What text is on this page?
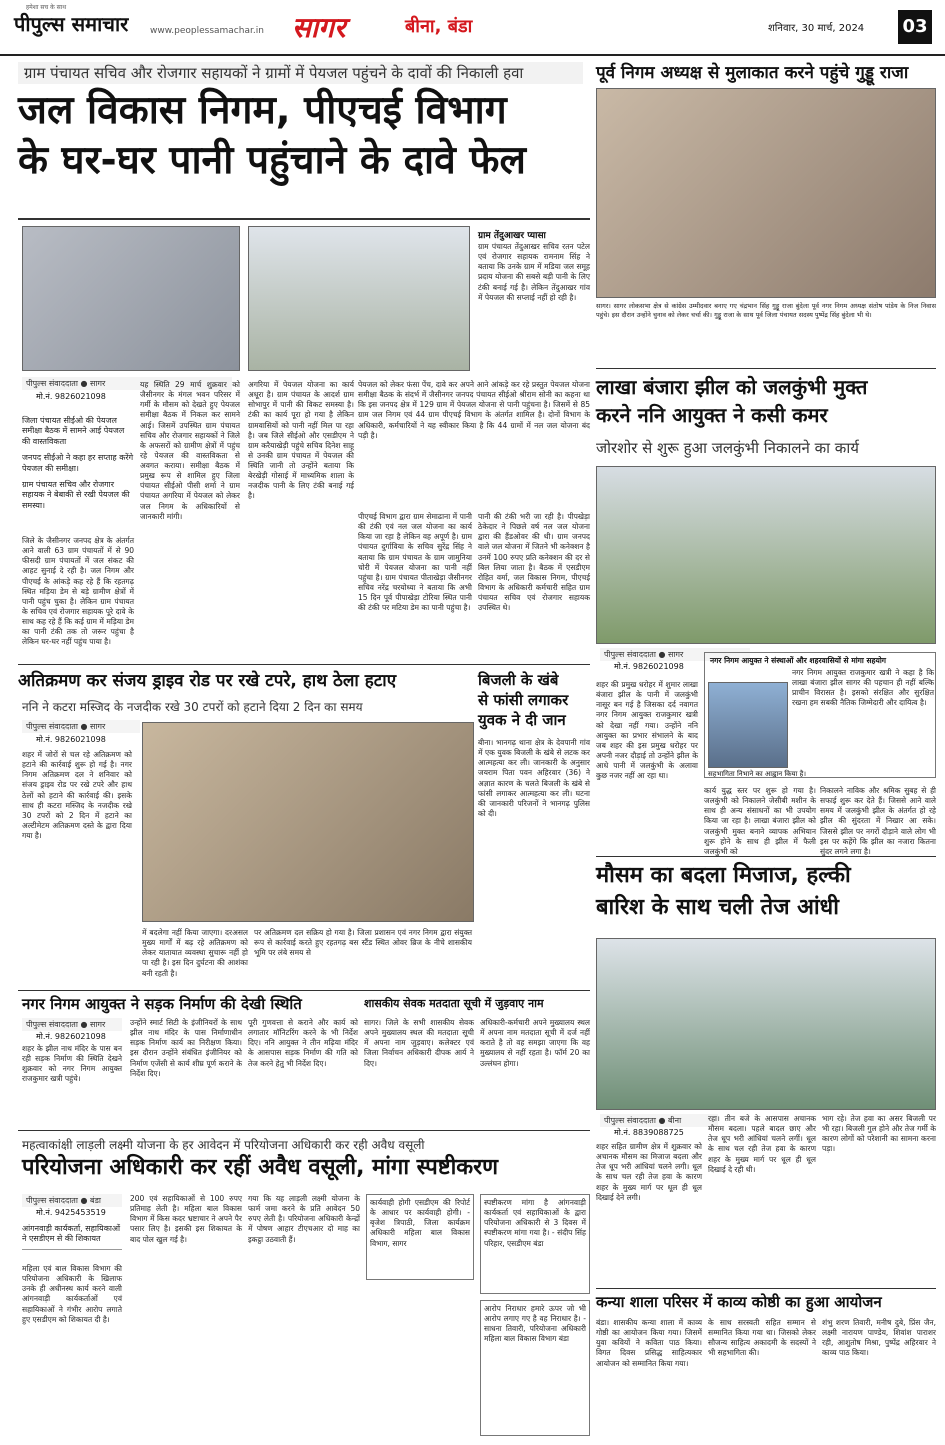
हमेशा सच के साथ
पीपुल्स समाचार www.peoplessamachar.in सागर	बीना, बंडा	शनिवार, 30 मार्च, 2024 03
ग्राम पंचायत सचिव और रोजगार सहायकों ने ग्रामों में पेयजल पहुंचने के दावों की निकाली हवा
जल विकास निगम, पीएचई विभाग
के घर-घर पानी पहुंचाने के दावे फेल
ग्राम तेंदुआखर प्यासा
ग्राम पंचायत तेंदुआखर सचिव रतन पटेल एवं रोजगार सहायक रामनाम सिंह ने बताया कि उनके ग्राम में मडिया जल समूह प्रदाय योजना की सबसे बड़ी पानी के लिए टंकी बनाई गई है। लेकिन तेंदुआखर गांव में पेयजल की सप्लाई नहीं हो रही है।
पीपुल्स संवाददाता ● सागर
मो.नं. 9826021098
जिला पंचायत सीईओ की पेयजल समीक्षा बैठक में सामने आई पेयजल की वास्तविकता
जनपद सीईओ ने कहा हर सप्ताह करेंगे पेयजल की समीक्षा।
ग्राम पंचायत सचिव और रोजगार सहायक ने बेबाकी से रखी पेयजल की समस्या।
जिले के जैसीनगर जनपद क्षेत्र के अंतर्गत आने वाली 63 ग्राम पंचायतों में से 90 फीसदी ग्राम पंचायतों में जल संकट की आहट सुनाई दे रही है। जल निगम और पीएचई के आंकड़े कह रहे हैं कि रहतगढ़ स्थित मड़िया डेम से बड़े ग्रामीण क्षेत्रों में पानी पहुंच चुका है। लेकिन ग्राम पंचायत के सचिव एवं रोजगार सहायक पूरे दावे के साथ कह रहे हैं कि कई ग्राम में मड़िया डेम का पानी टंकी तक तो जरूर पहुंचा है लेकिन घर-घर नहीं पहुंच पाया है।
यह स्थिति 29 मार्च शुक्रवार को जैसीनगर के मंगल भवन परिसर में गर्मी के मौसम को देखते हुए पेयजल समीक्षा बैठक में निकल कर सामने आई। जिसमें उपस्थित ग्राम पंचायत सचिव और रोजगार सहायकों ने जिले के अफसरों को ग्रामीण क्षेत्रों में पहुंच रहे पेयजल की वास्तविकता से अवगत कराया। समीक्षा बैठक में प्रमुख रूप से शामिल हुए जिला पंचायत सीईओ पीसी शर्मा ने ग्राम पंचायत अगरिया में पेयजल को लेकर जल निगम के अधिकारियों से जानकारी मांगी।
अगरिया में पेयजल योजना का कार्य अधूरा है। ग्राम पंचायत के आदर्श ग्राम सोभापुर में पानी की विकट समस्या है। टंकी का कार्य पूरा हो गया है लेकिन ग्रामवासियों को पानी नहीं मिल पा रहा है। जब जिले सीईओ और एसडीएम ने ग्राम करैयाखेड़ी पहुंचे सचिव दिनेश साहू से उनकी ग्राम पंचायत में पेयजल की स्थिति जानी तो उन्होंने बताया कि बेरखेड़ी गोसाई में माध्यमिक शाला के नजदीक पानी के लिए टंकी बनाई गई है।
पेयजल को लेकर फंसा पेंच, दावे कर अपने आने आंकड़े कर रहे प्रस्तुत पेयजल योजना समीक्षा बैठक के संदर्भ में जैसीनगर जनपद पंचायत सीईओ श्रीराम सोनी का कहना था कि इस जनपद क्षेत्र में 129 ग्राम में पेयजल योजना से पानी पहुंचना है। जिसमें से 85 ग्राम जल निगम एवं 44 ग्राम पीएचई विभाग के अंतर्गत शामिल है। दोनों विभाग के अधिकारी, कर्मचारियों ने यह स्वीकार किया है कि 44 ग्रामों में नल जल योजना बंद पड़ी है।
पीएचई विभाग द्वारा ग्राम सेमाढाना में पानी की टंकी एवं नल जल योजना का कार्य किया जा रहा है लेकिन वह अपूर्ण है। ग्राम पंचायत दुर्गाविया के सचिव सुरेंद्र सिंह ने बताया कि ग्राम पंचायत के ग्राम जामुनिया चोरी में पेयजल योजना का पानी नहीं पहुंचा है। ग्राम पंचायत पीताखेड़ा जैसीनगर सचिव नरेंद्र चरयोध्या ने बताया कि अभी 15 दिन पूर्व पीपाखेड़ा टोरिया स्थित पानी की टंकी पर मटिया डेम का पानी पहुंचा है।
पानी की टंकी भरी जा रही है। पीपखेड़ा ठेकेदार ने पिछले वर्ष नल जल योजना द्वारा की हैंडओवर की थी। ग्राम जनपद वाले जल योजना में जितने भी कनेक्शन है उनमें 100 रुपए प्रति कनेक्शन की दर से बिल लिया जाता है। बैठक में एसडीएम रोहित वर्मा, जल विकास निगम, पीएचई विभाग के अधिकारी कर्मचारी सहित ग्राम पंचायत सचिव एवं रोजगार सहायक उपस्थित थे।
पूर्व निगम अध्यक्ष से मुलाकात करने पहुंचे गुड्डू राजा
सागर। सागर लोकसभा क्षेत्र से कांग्रेस उम्मीदवार बनाए गए चंद्रभान सिंह गुड्डू राजा बुंदेला पूर्व नगर निगम अध्यक्ष संतोष पांडेय के निज निवास पहुंचे। इस दौरान उन्होंने चुनाव को लेकर चर्चा की। गुड्डू राजा के साथ पूर्व जिला पंचायत सदस्य पुष्पेंद्र सिंह बुंदेला भी थे।
लाखा बंजारा झील को जलकुंभी मुक्त
करने ननि आयुक्त ने कसी कमर
जोरशोर से शुरू हुआ जलकुंभी निकालने का कार्य
पीपुल्स संवाददाता ● सागर
मो.नं. 9826021098
नगर निगम आयुक्त ने संस्थाओं और शहरवासियों से मांगा सहयोग
नगर निगम आयुक्त राजकुमार खत्री ने कहा है कि लाखा बंजारा झील सागर की पहचान ही नहीं बल्कि प्राचीन विरासत है। इसको संरक्षित और सुरक्षित रखना हम सबकी नैतिक जिम्मेदारी और दायित्व है।
सहभागिता निभाने का आह्वान किया है।
शहर की प्रमुख धरोहर में शुमार लाखा बंजारा झील के पानी में जलकुंभी नासूर बन गई है जिसका दर्द नवागत नगर निगम आयुक्त राजकुमार खत्री को देखा नहीं गया। उन्होंने ननि आयुक्त का प्रभार संभालने के बाद जब शहर की इस प्रमुख धरोहर पर अपनी नजर दौड़ाई तो उन्होंने झील के आधे पानी में जलकुंभी के अलावा कुछ नजर नहीं आ रहा था।
कार्य युद्ध स्तर पर शुरू हो गया है। जलकुंभी को निकालने जेसीबी मशीन के साथ ही अन्य संसाधनों का भी उपयोग किया जा रहा है। लाखा बंजारा झील को जलकुंभी मुक्त बनाने व्यापक अभियान शुरू होने के साथ ही झील में फैली जलकुंभी को
निकालने नाविक और श्रमिक सुबह से ही सफाई शुरू कर देते हैं। जिससे आने वाले समय में जलकुंभी झील के अंतर्गत हो रहे झील की सुंदरता में निखार आ सके। जिससे झील पर नगरों दौड़ाने वाले लोग भी इस पर कहेंगे कि झील का नजारा कितना सुंदर लगने लगा है।
अतिक्रमण कर संजय ड्राइव रोड पर रखे टपरे, हाथ ठेला हटाए
ननि ने कटरा मस्जिद के नजदीक रखे 30 टपरों को हटाने दिया 2 दिन का समय
पीपुल्स संवाददाता ● सागर
मो.नं. 9826021098
शहर में जोरों से चल रहे अतिक्रमण को हटाने की कार्रवाई शुरू हो गई है। नगर निगम अतिक्रमण दल ने शनिवार को संजय ड्राइव रोड पर रखे टपरे और हाथ ठेलों को हटाने की कार्रवाई की। इसके साथ ही कटरा मस्जिद के नजदीक रखे 30 टपरों को 2 दिन में हटाने का अल्टीमेटम अतिक्रमण दस्ते के द्वारा दिया गया है।
में बदलेगा नहीं किया जाएगा। दरअसल मुख्य मार्गों में बढ़ रहे अतिक्रमण को लेकर यातायात व्यवस्था सुचारू नहीं हो पा रही है। इस दिन दुर्घटना की आशंका बनी रहती है।
पर अतिक्रमण दल सक्रिय हो गया है। जिला प्रशासन एवं नगर निगम द्वारा संयुक्त रूप से कार्रवाई करते हुए रहतगढ़ बस स्टैंड स्थित ओवर ब्रिज के नीचे शासकीय भूमि पर लंबे समय से
बिजली के खंबे
से फांसी लगाकर
युवक ने दी जान
बीना। भानगढ़ थाना क्षेत्र के देवपानी गांव में एक युवक बिजली के खंबे से लटक कर आत्महत्या कर ली। जानकारी के अनुसार जयराम पिता पवन अहिरवार (36) ने अज्ञात कारण के चलते बिजली के खंबे से फांसी लगाकर आत्महत्या कर ली। घटना की जानकारी परिजनों ने भानगढ़ पुलिस को दी।
नगर निगम आयुक्त ने सड़क निर्माण की देखी स्थिति
पीपुल्स संवाददाता ● सागर
मो.नं. 9826021098
शहर के झील नाथ मंदिर के पास बन रही सड़क निर्माण की स्थिति देखने शुक्रवार को नगर निगम आयुक्त राजकुमार खत्री पहुंचे।
उन्होंने स्मार्ट सिटी के इंजीनियरों के साथ झील नाथ मंदिर के पास निर्माणाधीन सड़क निर्माण कार्य का निरीक्षण किया। इस दौरान उन्होंने संबंधित इंजीनियर को निर्माण एजेंसी से कार्य शीघ्र पूर्ण कराने के निर्देश दिए।
पूरी गुणवत्ता से कराने और कार्य को लगातार मॉनिटरिंग करने के भी निर्देश दिए। ननि आयुक्त ने तीन मढ़िया मंदिर के आसपास सड़क निर्माण की गति को तेज करने हेतु भी निर्देश दिए।
शासकीय सेवक मतदाता सूची में जुड़वाए नाम
सागर। जिले के सभी शासकीय सेवक अपने मुख्यालय स्थल की मतदाता सूची में अपना नाम जुड़वाए। कलेक्टर एवं जिला निर्वाचन अधिकारी दीपक आर्य ने दिए।
अधिकारी-कर्मचारी अपने मुख्यालय स्थल में अपना नाम मतदाता सूची में दर्ज नहीं कराते है तो वह समझा जाएगा कि वह मुख्यालय से नहीं रहता है। फॉर्म 20 का उल्लंघन होगा।
मौसम का बदला मिजाज, हल्की
बारिश के साथ चली तेज आंधी
पीपुल्स संवाददाता ● बीना
मो.नं. 8839088725
शहर सहित ग्रामीण क्षेत्र में शुक्रवार को अचानक मौसम का मिजाज बदला और तेज धूप भरी आंधियां चलने लगी। धूल के साथ चल रही तेज हवा के कारण शहर के मुख्य मार्ग पर धूल ही धूल दिखाई देने लगी।
रहा। तीन बजे के आसपास अचानक मौसम बदला। पहले बादल छाए और तेज धूप भरी आंधियां चलने लगीं। धूल के साथ चल रही तेज हवा के कारण शहर के मुख्य मार्ग पर धूल ही धूल दिखाई दे रही थी।
भाग रहे। तेज हवा का असर बिजली पर भी रहा। बिजली गुल होने और तेज गर्मी के कारण लोगों को परेशानी का सामना करना पड़ा।
कन्या शाला परिसर में काव्य कोष्ठी का हुआ आयोजन
बंडा। शासकीय कन्या शाला में काव्य गोष्ठी का आयोजन किया गया। जिसमें युवा कवियों ने कविता पाठ किया। विगत दिवस प्रसिद्ध साहित्यकार आयोजन को सम्मानित किया गया।
के साथ सरस्वती सहित सम्मान से सम्मानित किया गया था। जिसको लेकर सौजन्य साहित्य अकादमी के सदस्यों ने भी सहभागिता की।
शंभु शरण तिवारी, मनीष दुबे, प्रिंस जैन, लक्ष्मी नारायण पाण्डेय, शिवांश पाराशर रही, आशुतोष मिश्रा, पुष्पेंद्र अहिरवार ने काव्य पाठ किया।
महत्वाकांक्षी लाड़ली लक्ष्मी योजना के हर आवेदन में परियोजना अधिकारी कर रही अवैध वसूली
परियोजना अधिकारी कर रहीं अवैध वसूली, मांगा स्पष्टीकरण
पीपुल्स संवाददाता ● बंडा
मो.नं. 9425453519
आंगनवाड़ी कार्यकर्ता, सहायिकाओं ने एसडीएम से की शिकायत
महिला एवं बाल विकास विभाग की परियोजना अधिकारी के खिलाफ उनके ही अधीनस्थ कार्य करने वाली आंगनवाड़ी कार्यकर्ताओं एवं सहायिकाओं ने गंभीर आरोप लगाते हुए एसडीएम को शिकायत दी है।
200 एवं सहायिकाओं से 100 रुपए प्रतिमाह लेती है। महिला बाल विकास विभाग में किस कदर भ्रष्टाचार ने अपने पैर पसार लिए है। इसकी इस शिकायत के बाद पोल खुल गई है।
गया कि यह लाड़ली लक्ष्मी योजना के फार्म जमा करने के प्रति आवेदन 50 रुपए लेती है। परियोजना अधिकारी केन्द्रों में पोषण आहार टीएचआर दो माह का इकट्ठा उठवाती हैं।
कार्यवाही होगी एसडीएम की रिपोर्ट के आधार पर कार्यवाही होगी। - बृजेश त्रिपाठी, जिला कार्यक्रम अधिकारी महिला बाल विकास विभाग, सागर
स्पष्टीकरण मांगा है आंगनवाड़ी कार्यकर्ता एवं सहायिकाओं के द्वारा परियोजना अधिकारी से 3 दिवस में स्पष्टीकरण मांगा गया है। - संदीप सिंह परिहार, एसडीएम बंडा
आरोप निराधार हमारे ऊपर जो भी आरोप लगाए गए है वह निराधार है। - साधना तिवारी, परियोजना अधिकारी महिला बाल विकास विभाग बंडा
